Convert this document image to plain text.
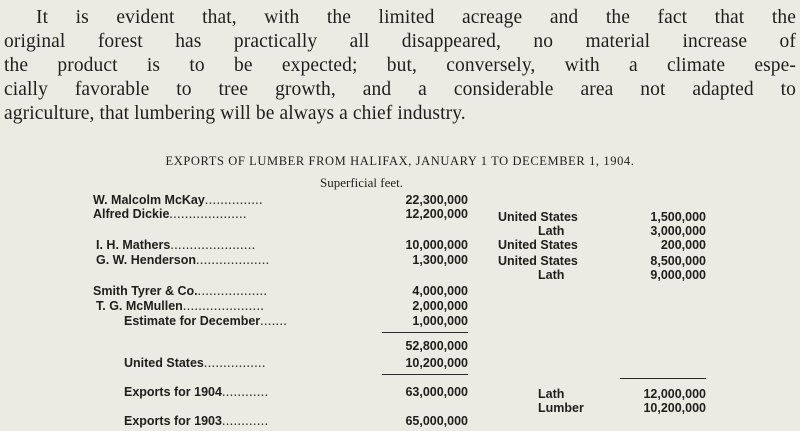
It is evident that, with the limited acreage and the fact that the
original forest has practically all disappeared, no material increase of
the product is to be expected; but, conversely, with a climate espe-
cially favorable to tree growth, and a considerable area not adapted to
agriculture, that lumbering will be always a chief industry.

EXPORTS OF LUMBER FROM HALIFAX, JANUARY 1 TO DECEMBER 1, 1904.

Superficial feet.
W. Malcolm McKay...............	22,300,000
Alfred Dickie....................	12,200,000
I. H. Mathers......................	10,000,000
G. W. Henderson...................	1,300,000
Smith Tyrer & Co...................	4,000,000
T. G. McMullen.....................	2,000,000
Estimate for December.......	1,000,000
52,800,000
United States................	10,200,000
Exports for 1904............	63,000,000
Exports for 1903............	65,000,000
United States	1,500,000
Lath	3,000,000
United States	200,000
United States	8,500,000
Lath	9,000,000
Lath	12,000,000
Lumber	10,200,000
